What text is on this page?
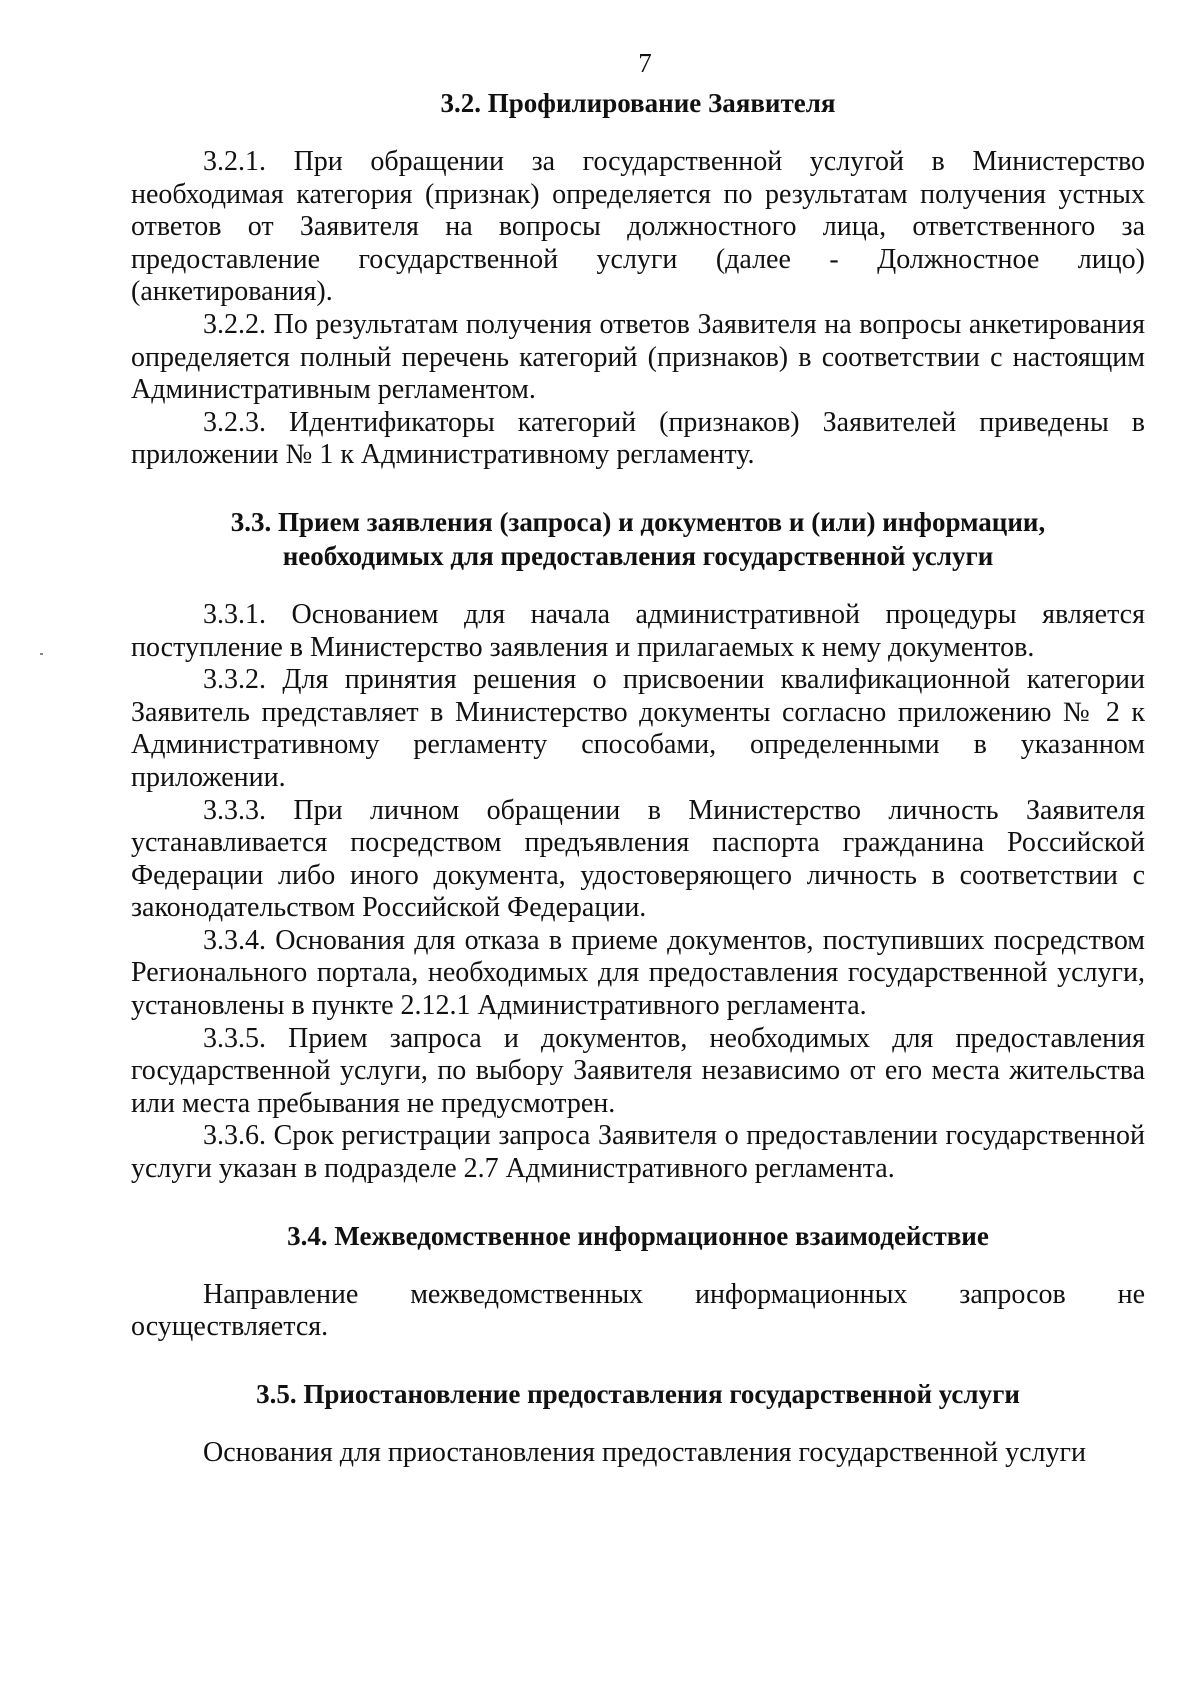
7
3.2. Профилирование Заявителя

3.2.1. При обращении за государственной услугой в Министерство необходимая категория (признак) определяется по результатам получения устных ответов от Заявителя на вопросы должностного лица, ответственного за предоставление государственной услуги (далее - Должностное лицо) (анкетирования).

3.2.2. По результатам получения ответов Заявителя на вопросы анкетирования определяется полный перечень категорий (признаков) в соответствии с настоящим Административным регламентом.

3.2.3. Идентификаторы категорий (признаков) Заявителей приведены в приложении № 1 к Административному регламенту.

3.3. Прием заявления (запроса) и документов и (или) информации,
необходимых для предоставления государственной услуги

3.3.1. Основанием для начала административной процедуры является поступление в Министерство заявления и прилагаемых к нему документов.

3.3.2. Для принятия решения о присвоении квалификационной категории Заявитель представляет в Министерство документы согласно приложению № 2 к Административному регламенту способами, определенными в указанном приложении.

3.3.3. При личном обращении в Министерство личность Заявителя устанавливается посредством предъявления паспорта гражданина Российской Федерации либо иного документа, удостоверяющего личность в соответствии с законодательством Российской Федерации.

3.3.4. Основания для отказа в приеме документов, поступивших посредством Регионального портала, необходимых для предоставления государственной услуги, установлены в пункте 2.12.1 Административного регламента.

3.3.5. Прием запроса и документов, необходимых для предоставления государственной услуги, по выбору Заявителя независимо от его места жительства или места пребывания не предусмотрен.

3.3.6. Срок регистрации запроса Заявителя о предоставлении государственной услуги указан в подразделе 2.7 Административного регламента.

3.4. Межведомственное информационное взаимодействие

Направление межведомственных информационных запросов не осуществляется.

3.5. Приостановление предоставления государственной услуги

Основания для приостановления предоставления государственной услуги
